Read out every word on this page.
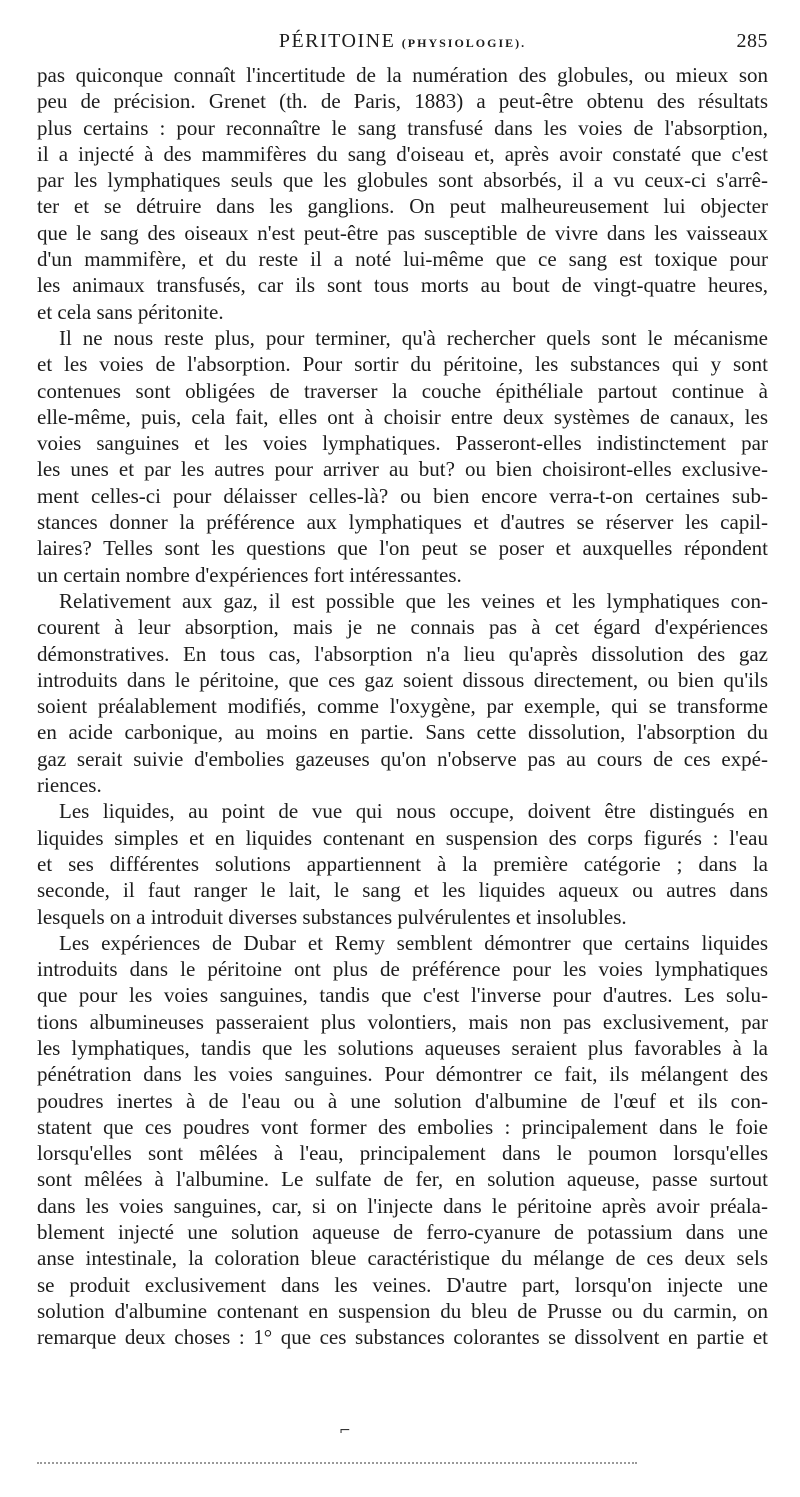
PÉRITOINE (PHYSIOLOGIE).	285

pas quiconque connaît l'incertitude de la numération des globules, ou mieux son
peu de précision. Grenet (th. de Paris, 1883) a peut-être obtenu des résultats
plus certains : pour reconnaître le sang transfusé dans les voies de l'absorption,
il a injecté à des mammifères du sang d'oiseau et, après avoir constaté que c'est
par les lymphatiques seuls que les globules sont absorbés, il a vu ceux-ci s'arrê-
ter et se détruire dans les ganglions. On peut malheureusement lui objecter
que le sang des oiseaux n'est peut-être pas susceptible de vivre dans les vaisseaux
d'un mammifère, et du reste il a noté lui-même que ce sang est toxique pour
les animaux transfusés, car ils sont tous morts au bout de vingt-quatre heures,
et cela sans péritonite.

Il ne nous reste plus, pour terminer, qu'à rechercher quels sont le mécanisme
et les voies de l'absorption. Pour sortir du péritoine, les substances qui y sont
contenues sont obligées de traverser la couche épithéliale partout continue à
elle-même, puis, cela fait, elles ont à choisir entre deux systèmes de canaux, les
voies sanguines et les voies lymphatiques. Passeront-elles indistinctement par
les unes et par les autres pour arriver au but? ou bien choisiront-elles exclusive-
ment celles-ci pour délaisser celles-là? ou bien encore verra-t-on certaines sub-
stances donner la préférence aux lymphatiques et d'autres se réserver les capil-
laires? Telles sont les questions que l'on peut se poser et auxquelles répondent
un certain nombre d'expériences fort intéressantes.

Relativement aux gaz, il est possible que les veines et les lymphatiques con-
courent à leur absorption, mais je ne connais pas à cet égard d'expériences
démonstratives. En tous cas, l'absorption n'a lieu qu'après dissolution des gaz
introduits dans le péritoine, que ces gaz soient dissous directement, ou bien qu'ils
soient préalablement modifiés, comme l'oxygène, par exemple, qui se transforme
en acide carbonique, au moins en partie. Sans cette dissolution, l'absorption du
gaz serait suivie d'embolies gazeuses qu'on n'observe pas au cours de ces expé-
riences.

Les liquides, au point de vue qui nous occupe, doivent être distingués en
liquides simples et en liquides contenant en suspension des corps figurés : l'eau
et ses différentes solutions appartiennent à la première catégorie ; dans la
seconde, il faut ranger le lait, le sang et les liquides aqueux ou autres dans
lesquels on a introduit diverses substances pulvérulentes et insolubles.

Les expériences de Dubar et Remy semblent démontrer que certains liquides
introduits dans le péritoine ont plus de préférence pour les voies lymphatiques
que pour les voies sanguines, tandis que c'est l'inverse pour d'autres. Les solu-
tions albumineuses passeraient plus volontiers, mais non pas exclusivement, par
les lymphatiques, tandis que les solutions aqueuses seraient plus favorables à la
pénétration dans les voies sanguines. Pour démontrer ce fait, ils mélangent des
poudres inertes à de l'eau ou à une solution d'albumine de l'œuf et ils con-
statent que ces poudres vont former des embolies : principalement dans le foie
lorsqu'elles sont mêlées à l'eau, principalement dans le poumon lorsqu'elles
sont mêlées à l'albumine. Le sulfate de fer, en solution aqueuse, passe surtout
dans les voies sanguines, car, si on l'injecte dans le péritoine après avoir préala-
blement injecté une solution aqueuse de ferro-cyanure de potassium dans une
anse intestinale, la coloration bleue caractéristique du mélange de ces deux sels
se produit exclusivement dans les veines. D'autre part, lorsqu'on injecte une
solution d'albumine contenant en suspension du bleu de Prusse ou du carmin, on
remarque deux choses : 1° que ces substances colorantes se dissolvent en partie et

⌐
